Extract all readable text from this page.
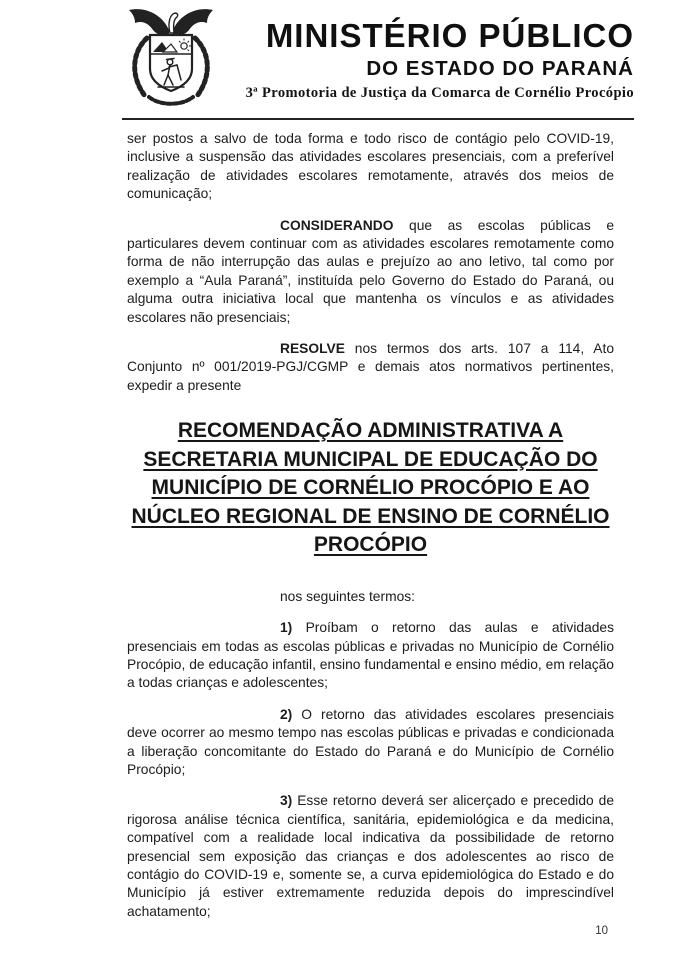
MINISTÉRIO PÚBLICO
DO ESTADO DO PARANÁ
3ª Promotoria de Justiça da Comarca de Cornélio Procópio

ser postos a salvo de toda forma e todo risco de contágio pelo COVID-19, inclusive a suspensão das atividades escolares presenciais, com a preferível realização de atividades escolares remotamente, através dos meios de comunicação;

CONSIDERANDO que as escolas públicas e particulares devem continuar com as atividades escolares remotamente como forma de não interrupção das aulas e prejuízo ao ano letivo, tal como por exemplo a “Aula Paraná”, instituída pelo Governo do Estado do Paraná, ou alguma outra iniciativa local que mantenha os vínculos e as atividades escolares não presenciais;

RESOLVE nos termos dos arts. 107 a 114, Ato Conjunto nº 001/2019-PGJ/CGMP e demais atos normativos pertinentes, expedir a presente

RECOMENDAÇÃO ADMINISTRATIVA A SECRETARIA MUNICIPAL DE EDUCAÇÃO DO MUNICÍPIO DE CORNÉLIO PROCÓPIO E AO NÚCLEO REGIONAL DE ENSINO DE CORNÉLIO PROCÓPIO

nos seguintes termos:

1) Proíbam o retorno das aulas e atividades presenciais em todas as escolas públicas e privadas no Município de Cornélio Procópio, de educação infantil, ensino fundamental e ensino médio, em relação a todas crianças e adolescentes;

2) O retorno das atividades escolares presenciais deve ocorrer ao mesmo tempo nas escolas públicas e privadas e condicionada a liberação concomitante do Estado do Paraná e do Município de Cornélio Procópio;

3) Esse retorno deverá ser alicerçado e precedido de rigorosa análise técnica científica, sanitária, epidemiológica e da medicina, compatível com a realidade local indicativa da possibilidade de retorno presencial sem exposição das crianças e dos adolescentes ao risco de contágio do COVID-19 e, somente se, a curva epidemiológica do Estado e do Município já estiver extremamente reduzida depois do imprescindível achatamento;

10
